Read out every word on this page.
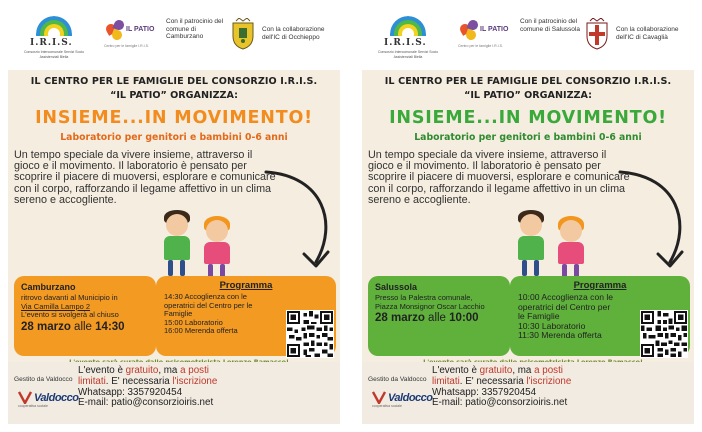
I.R.I.S.
Consorzio Intercomunale Servizi Socio Assistenziali Biella
IL PATIO
Centro per le famiglie I.R.I.S.
Con il patrocinio del comune di Camburzano
Con la collaborazione dell'IC di Occhieppo
IL CENTRO PER LE FAMIGLIE DEL CONSORZIO I.R.I.S.
“IL PATIO” ORGANIZZA:
INSIEME...IN MOVIMENTO!
Laboratorio per genitori e bambini 0-6 anni
Un tempo speciale da vivere insieme, attraverso il gioco e il movimento. Il laboratorio è pensato per scoprire il piacere di muoversi, esplorare e comunicare con il corpo, rafforzando il legame affettivo in un clima sereno e accogliente.
Camburzano
ritrovo davanti al Municipio in
Via Camilla Lampo 2
L'evento si svolgerà al chiuso
28 marzo alle 14:30
Programma
14:30 Accoglienza con le
operatrici del Centro per le
Famiglie
15:00 Laboratorio
16:00 Merenda offerta
Gestito da Valdocco
Valdocco
cooperativa sociale
L'evento è gratuito, ma a posti
limitati. E' necessaria l'iscrizione
Whatsapp: 3357920454
E-mail: patio@consorzioiris.net
I.R.I.S.
Consorzio Intercomunale Servizi Socio Assistenziali Biella
IL PATIO
Centro per le famiglie I.R.I.S.
Con il patrocinio del comune di Salussola	Con la collaborazione dell'IC di Cavaglià
IL CENTRO PER LE FAMIGLIE DEL CONSORZIO I.R.I.S.
“IL PATIO” ORGANIZZA:
INSIEME...IN MOVIMENTO!
Laboratorio per genitori e bambini 0-6 anni
Un tempo speciale da vivere insieme, attraverso il gioco e il movimento. Il laboratorio è pensato per scoprire il piacere di muoversi, esplorare e comunicare con il corpo, rafforzando il legame affettivo in un clima sereno e accogliente.
Salussola
Presso la Palestra comunale,
Piazza Monsignor Oscar Lacchio
28 marzo alle 10:00
Programma
10:00 Accoglienza con le
operatrici del Centro per
le Famiglie
10:30 Laboratorio
11:30 Merenda offerta
Gestito da Valdocco
Valdocco
cooperativa sociale
L'evento è gratuito, ma a posti
limitati. E' necessaria l'iscrizione
Whatsapp: 3357920454
E-mail: patio@consorzioiris.net
